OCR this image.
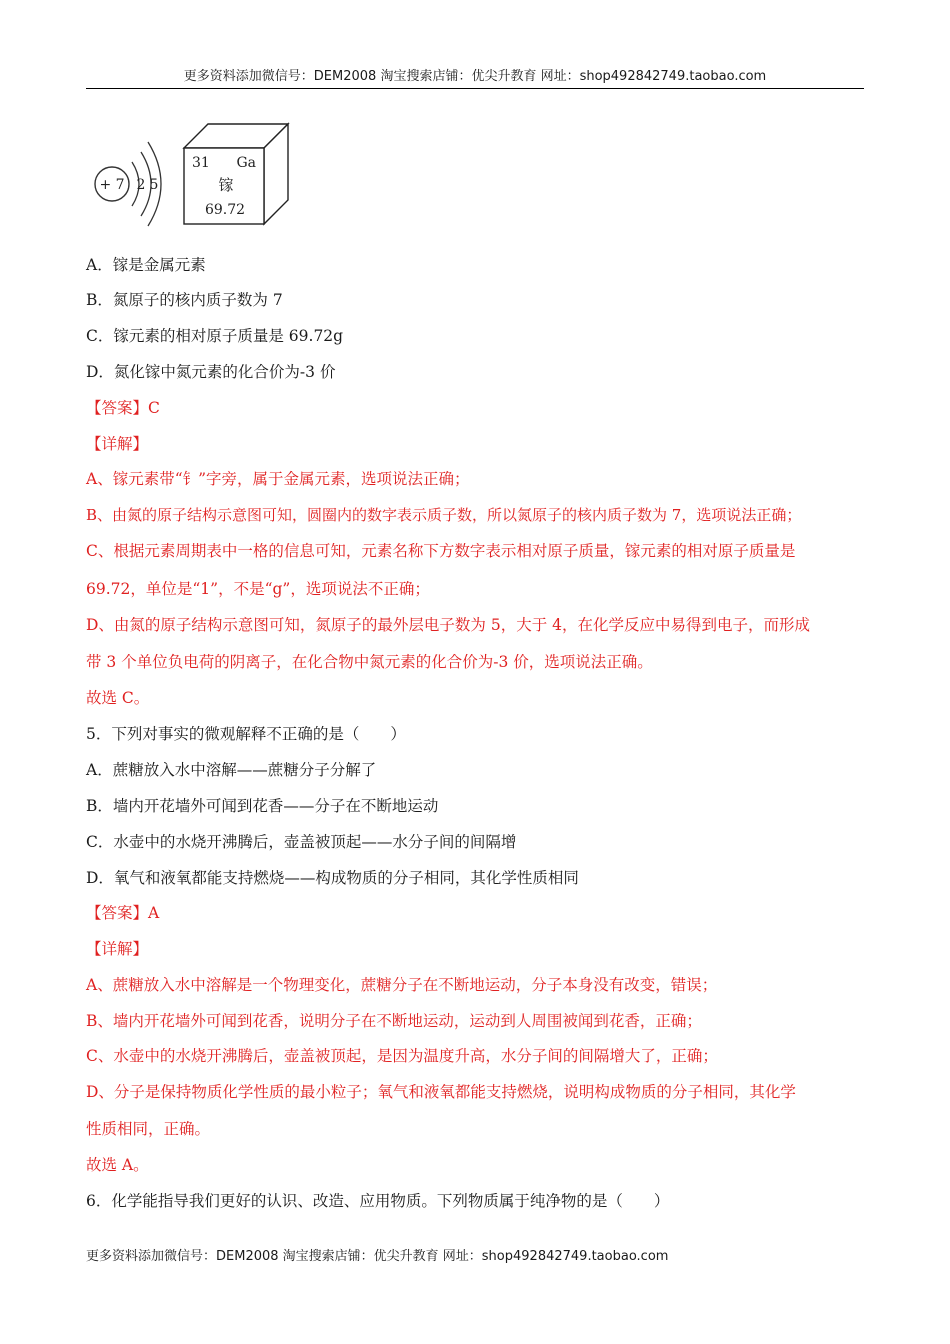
更多资料添加微信号：DEM2008 淘宝搜索店铺：优尖升教育 网址：shop492842749.taobao.com
+ 7 2 5
31 Ga
镓
69.72
A．镓是金属元素
B．氮原子的核内质子数为 7
C．镓元素的相对原子质量是 69.72g
D．氮化镓中氮元素的化合价为-3 价
【答案】C
【详解】
A、镓元素带“钅”字旁，属于金属元素，选项说法正确；
B、由氮的原子结构示意图可知，圆圈内的数字表示质子数，所以氮原子的核内质子数为 7，选项说法正确；
C、根据元素周期表中一格的信息可知，元素名称下方数字表示相对原子质量，镓元素的相对原子质量是
69.72，单位是“1”，不是“g”，选项说法不正确；
D、由氮的原子结构示意图可知，氮原子的最外层电子数为 5，大于 4，在化学反应中易得到电子，而形成
带 3 个单位负电荷的阴离子，在化合物中氮元素的化合价为-3 价，选项说法正确。
故选 C。
5．下列对事实的微观解释不正确的是（　　）
A．蔗糖放入水中溶解——蔗糖分子分解了
B．墙内开花墙外可闻到花香——分子在不断地运动
C．水壶中的水烧开沸腾后，壶盖被顶起——水分子间的间隔增
D．氧气和液氧都能支持燃烧——构成物质的分子相同，其化学性质相同
【答案】A
【详解】
A、蔗糖放入水中溶解是一个物理变化，蔗糖分子在不断地运动，分子本身没有改变，错误；
B、墙内开花墙外可闻到花香，说明分子在不断地运动，运动到人周围被闻到花香，正确；
C、水壶中的水烧开沸腾后，壶盖被顶起，是因为温度升高，水分子间的间隔增大了，正确；
D、分子是保持物质化学性质的最小粒子；氧气和液氧都能支持燃烧，说明构成物质的分子相同，其化学
性质相同，正确。
故选 A。
6．化学能指导我们更好的认识、改造、应用物质。下列物质属于纯净物的是（　　）
更多资料添加微信号：DEM2008 淘宝搜索店铺：优尖升教育 网址：shop492842749.taobao.com
